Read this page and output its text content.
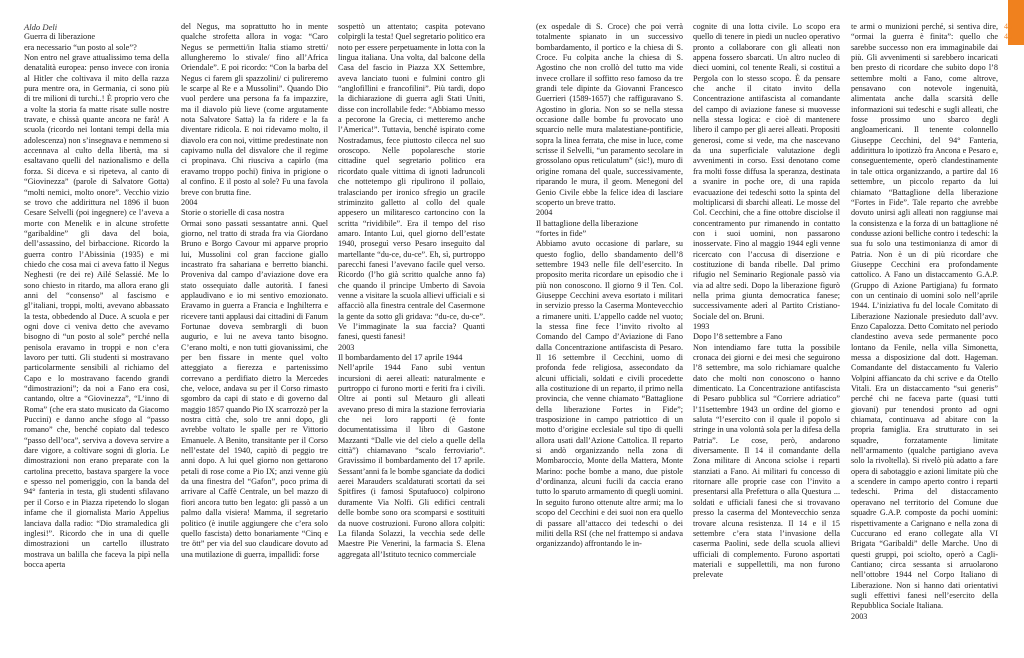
44
45

Aldo Deli

Guerra di liberazione
era necessario “un posto al sole”?

Non entro nel grave attualissimo tema della denatalità europea: penso invece con ironia al Hitler che coltivava il mito della razza pura mentre ora, in Germania, ci sono più di tre milioni di turchi..! È proprio vero che a volte la storia fa matte risate sulle nostre travate, e chissà quante ancora ne farà! A scuola (ricordo nei lontani tempi della mia adolescenza) non s’insegnava e nemmeno si accennava al culto della libertà, ma si esaltavano quelli del nazionalismo e della forza. Si diceva e si ripeteva, al canto di “Giovinezza” (parole di Salvatore Gotta) “molti nemici, molto onore”. Vecchio vizio se trovo che addirittura nel 1896 il buon Cesare Selvelli (poi ingegnere) ce l’aveva a morte con Menelik e in alcune strofette “garibaldine” gli dava del boia, dell’assassino, del birbaccione. Ricordo la guerra contro l’Abissinia (1935) e mi chiedo che cosa mai ci aveva fatto il Negus Neghesti (re dei re) Ailé Selassié. Me lo sono chiesto in ritardo, ma allora erano gli anni del “consenso” al fascismo e gl’italiani, troppi, molti, avevano abbassato la testa, obbedendo al Duce. A scuola e per ogni dove ci veniva detto che avevamo bisogno di “un posto al sole” perché nella penisola eravamo in troppi e non c’era lavoro per tutti. Gli studenti si mostravano particolarmente sensibili al richiamo del Capo e lo mostravano facendo grandi “dimostrazioni”; da noi a Fano era così, cantando, oltre a “Giovinezza”, “L’inno di Roma” (che era stato musicato da Giacomo Puccini) e danno anche sfogo al “passo romano” che, benché copiato dal tedesco “passo dell’oca”, serviva a doveva servire a dare vigore, a coltivare sogni di gloria. Le dimostrazioni non erano preparate con la cartolina precetto, bastava spargere la voce e spesso nel pomeriggio, con la banda del 94° fanteria in testa, gli studenti sfilavano per il Corso e in Piazza ripetendo lo slogan infame che il giornalista Mario Appelius lanciava dalla radio: “Dio stramaledica gli inglesi!”. Ricordo che in una di quelle dimostrazioni un cartello illustrato mostrava un balilla che faceva la pipì nella bocca aperta

del Negus, ma soprattutto ho in mente qualche strofetta allora in voga: “Caro Negus se permetti/in Italia stiamo strettì/ allungheremo lo stivale/ fino all’Africa Oriendale”. E poi ricordo: “Con la barba del Negus ci farem gli spazzolini/ ci pulireremo le scarpe al Re e a Mussolini”. Quando Dio vuol perdere una persona fa fa impazzire, ma il diavolo più lieve (come argutamente nota Salvatore Satta) la fa ridere e la fa diventare ridicola. E noi ridevamo molto, il diavolo era con noi, vittime predestinate non capivamo nulla del disvalore che il regime ci propinava. Chi riusciva a capirlo (ma eravamo troppo pochi) finiva in prigione o al confino. E il posto al sole? Fu una favola breve con brutta fine.

2004

Storie o storielle di casa nostra

Ormai sono passati sessantatre anni. Quel giorno, nel tratto di strada fra via Giordano Bruno e Borgo Cavour mi apparve proprio lui, Mussolini col gran faccione giallo incastrato fra sahariana e berretto bianchi. Proveniva dal campo d’aviazione dove era stato ossequiato dalle autorità. I fanesi applaudivano e io mi sentivo emozionato. Eravamo in guerra a Francia e Inghilterra e ricevere tanti applausi dai cittadini di Fanum Fortunae doveva sembrargli di buon augurio, e lui ne aveva tanto bisogno. C’erano molti, e non tutti giovanissimi, che per ben fissare in mente quel volto atteggiato a fierezza e partenissimo correvano a perdifiato dietro la Mercedes che, veloce, andava su per il Corso rimasto sgombro da capi di stato e di governo dal maggio 1857 quando Pio IX scarrozzò per la nostra città che, solo tre anni dopo, gli avrebbe voltato le spalle per re Vittorio Emanuele. A Benito, transitante per il Corso nell’estate del 1940, capitò di peggio tre anni dopo. A lui quel giorno non gettarono petali di rose come a Pio IX; anzi venne giù da una finestra del “Gafon”, poco prima di arrivare al Caffè Centrale, un bel mazzo di fiori ancora tutto ben legato: gli passò a un palmo dalla visiera! Mamma, il segretario politico (è inutile aggiungere che c’era solo quello fascista) detto bonariamente “Cinq e tre ött” per via del suo claudicare dovuto ad una mutilazione di guerra, impallidì: forse

sospettò un attentato; caspita potevano colpirgli la testa! Quel segretario politico era noto per essere perpetuamente in lotta con la lingua italiana. Una volta, dal balcone della Casa del fascio in Piazza XX Settembre, aveva lanciato tuoni e fulmini contro gli “anglofillini e francofilini”. Più tardi, dopo la dichiarazione di guerra agli Stati Uniti, disse con incrollabile fede: “Abbiamo messo a pecorone la Grecia, ci metteremo anche l’America!”. Tuttavia, benché ispirato come Nostradamus, fece piuttosto cilecca nel suo oroscopo. Nelle popolaresche storie cittadine quel segretario politico era ricordato quale vittima di ignoti ladruncoli che nottetempo gli ripulirono il pollaio, tralasciando per ironico sfregio un gracile striminzito galletto al collo del quale appesero un militaresco cartoncino con la scritta “rividibile”. Era il tempo del riso amaro. Intanto Lui, quel giorno dell’estate 1940, proseguì verso Pesaro inseguito dal martellante “du-ce, du-ce”. Eh, sì, purtroppo parecchi fanesi l’avevano facile quel verso. Ricordo (l’ho già scritto qualche anno fa) che quando il principe Umberto di Savoia venne a visitare la scuola allievi ufficiali e si affacciò alla finestra centrale del Casermone la gente da sotto gli gridava: “du-ce, du-ce”. Ve l’immaginate la sua faccia? Quanti fanesi, questi fanesi!

2003

Il bombardamento del 17 aprile 1944

Nell’aprile 1944 Fano subì ventun incursioni di aerei alleati: naturalmente e purtroppo ci furono morti e feriti fra i civili. Oltre ai ponti sul Metauro gli alleati avevano preso di mira la stazione ferroviaria che nei loro rapporti (è fonte documentatissima il libro di Gastone Mazzanti “Dalle vie del cielo a quelle della città”) chiamavano “scalo ferroviario”. Gravissimo il bombardamento del 17 aprile. Sessant’anni fa le bombe sganciate da dodici aerei Marauders scaldaturati scortati da sei Spitfires (i famosi Sputafuoco) colpirono duramente Via Nolfi. Gli edifici centrali delle bombe sono ora scomparsi e sostituiti da nuove costruzioni. Furono allora colpiti: La filanda Solazzi, la vecchia sede delle Maestre Pie Venerini, la farmacia S. Elena aggregata all’Istituto tecnico commerciale

(ex ospedale di S. Croce) che poi verrà totalmente spianato in un successivo bombardamento, il portico e la chiesa di S. Croce. Fu colpita anche la chiesa di S. Agostino che non crollò del tutto ma vide invece crollare il soffitto reso famoso da tre grandi tele dipinte da Giovanni Francesco Guerrieri (1589-1657) che raffiguravano S. Agostino in gloria. Non so se nella stessa occasione dalle bombe fu provocato uno squarcio nelle mura malatestiane-pontificie, sopra la linea ferrata, che mise in luce, come scrisse il Selvelli, “un paramento secolare in grossolano opus reticulatum” (sic!), muro di origine romana del quale, successivamente, riparando le mura, il geom. Menegoni del Genio Civile ebbe la felice idea di lasciare scoperto un breve tratto.

2004

Il battaglione della liberazione
“fortes in fide”

Abbiamo avuto occasione di parlare, su questo foglio, dello sbandamento dell’8 settembre 1943 nelle file dell’esercito. In proposito merita ricordare un episodio che i più non conoscono. Il giorno 9 il Ten. Col. Giuseppe Cecchini aveva esortato i militari in servizio presso la Caserma Montevecchio a rimanere uniti. L’appello cadde nel vuoto; la stessa fine fece l’invito rivolto al Comando del Campo d’Aviazione di Fano dalla Concentrazione antifascista di Pesaro. Il 16 settembre il Cecchini, uomo di profonda fede religiosa, assecondato da alcuni ufficiali, soldati e civili procedette alla costituzione di un reparto, il primo nella provincia, che venne chiamato “Battaglione della liberazione Fortes in Fide”; trasposizione in campo patriottico di un motto d’origine ecclesiale sul tipo di quelli allora usati dall’Azione Cattolica. Il reparto si andò organizzando nella zona di Mombaroccio, Monte della Mattera, Monte Marino: poche bombe a mano, due pistole d’ordinanza, alcuni fucili da caccia erano tutto lo sparuto armamento di quegli uomini. In seguito furono ottenute altre armi; ma lo scopo del Cecchini e dei suoi non era quello di passare all’attacco dei tedeschi o dei militi della RSI (che nel frattempo si andava organizzando) affrontando le in-

cognite di una lotta civile. Lo scopo era quello di tenere in piedi un nucleo operativo pronto a collaborare con gli alleati non appena fossero sbarcati. Un altro nucleo di dieci uomini, col tenente Reali, si costituì a Pergola con lo stesso scopo. È da pensare che anche il citato invito della Concentrazione antifascista al comandante del campo di aviazione fanese si muovesse nella stessa logica: e cioè di mantenere libero il campo per gli aerei alleati. Propositi generosi, come si vede, ma che nascevano da una superficiale valutazione degli avvenimenti in corso. Essi denotano come fra molti fosse diffusa la speranza, destinata a svanire in poche ore, di una rapida evacuazione dei tedeschi sotto la spinta del moltiplicarsi di sbarchi alleati. Le mosse del Col. Cecchini, che a fine ottobre disciolse il concentramento pur rimanendo in contatto con i suoi uomini, non passarono inosservate. Fino al maggio 1944 egli venne ricercato con l’accusa di diserzione e costituzione di banda ribelle. Dal primo rifugio nel Seminario Regionale passò via via ad altre sedi. Dopo la liberazione figurò nella prima giunta democratica fanese; successivamente aderì al Partito Cristiano-Sociale del on. Bruni.

1993

Dopo l’8 settembre a Fano

Non intendiamo fare tutta la possibile cronaca dei giorni e dei mesi che seguirono l’8 settembre, ma solo richiamare qualche dato che molti non conoscono o hanno dimenticato. La Concentrazione antifascista di Pesaro pubblica sul “Corriere adriatico” l’11settembre 1943 un ordine del giorno e saluta “l’esercito con il quale il popolo si stringe in una volontà sola per la difesa della Patria”. Le cose, però, andarono diversamente. Il 14 il comandante della Zona militare di Ancona sciolse i reparti stanziati a Fano. Ai militari fu concesso di ritornare alle proprie case con l’invito a presentarsi alla Prefettura o alla Questura ... soldati e ufficiali fanesi che si trovavano presso la caserma del Montevecchio senza trovare alcuna resistenza. Il 14 e il 15 settembre c’era stata l’invasione della caserma Paolini, sede della scuola allievi ufficiali di complemento. Furono asportati materiali e suppellettili, ma non furono prelevate

te armi o munizioni perché, si sentiva dire, “ormai la guerra è finita”: quello che sarebbe successo non era immaginabile dai più. Gli avvenimenti si sarebbero incaricati ben presto di ricordare che subito dopo l’8 settembre molti a Fano, come altrove, pensavano con notevole ingenuità, alimentata anche dalla scarsità delle informazioni sui tedeschi e sugli alleati, che fosse prossimo uno sbarco degli angloamericani. Il tenente colonnello Giuseppe Cecchini, del 94° Fanteria, addirittura lo ipotizzò fra Ancona e Pesaro e, conseguentemente, operò clandestinamente in tale ottica organizzando, a partire dal 16 settembre, un piccolo reparto da lui chiamato “Battaglione della liberazione “Fortes in Fide”. Tale reparto che avrebbe dovuto unirsi agli alleati non raggiunse mai la consistenza e la forza di un battaglione né condusse azioni belliche contro i tedeschi: la sua fu solo una testimonianza di amor di Patria. Non è un di più ricordare che Giuseppe Cecchini era profondamente cattolico. A Fano un distaccamento G.A.P. (Gruppo di Azione Partigiana) fu formato con un centinaio di uomini solo nell’aprile 1944. L’iniziativa fu del locale Comitato di Liberazione Nazionale presieduto dall’avv. Enzo Capalozza. Detto Comitato nel periodo clandestino aveva sede permanente poco lontano da Fenile, nella villa Simonetta, messa a disposizione dal dott. Hageman. Comandante del distaccamento fu Valerio Volpini affiancato da chi scrive e da Otello Vitali. Era un distaccamento “sui generis” perché chi ne faceva parte (quasi tutti giovani) pur tenendosi pronto ad ogni chiamata, continuava ad abitare con la propria famiglia. Era strutturato in sei squadre, forzatamente limitate nell’armamento (qualche partigiano aveva solo la rivoltella). Si rivelò più adatto a fare opera di sabotaggio e azioni limitate più che a scendere in campo aperto contro i reparti tedeschi. Prima del distaccamento operavano nel territorio del Comune due squadre G.A.P. composte da pochi uomini: rispettivamente a Carignano e nella zona di Cuccurano ed erano collegate alla VI Brigata “Garibaldi” delle Marche. Uno di questi gruppi, poi sciolto, operò a Cagli-Cantiano; circa sessanta si arruolarono nell’ottobre 1944 nel Corpo Italiano di Liberazione. Non si hanno dati orientativi sugli effettivi fanesi nell’esercito della Repubblica Sociale Italiana.

2003
